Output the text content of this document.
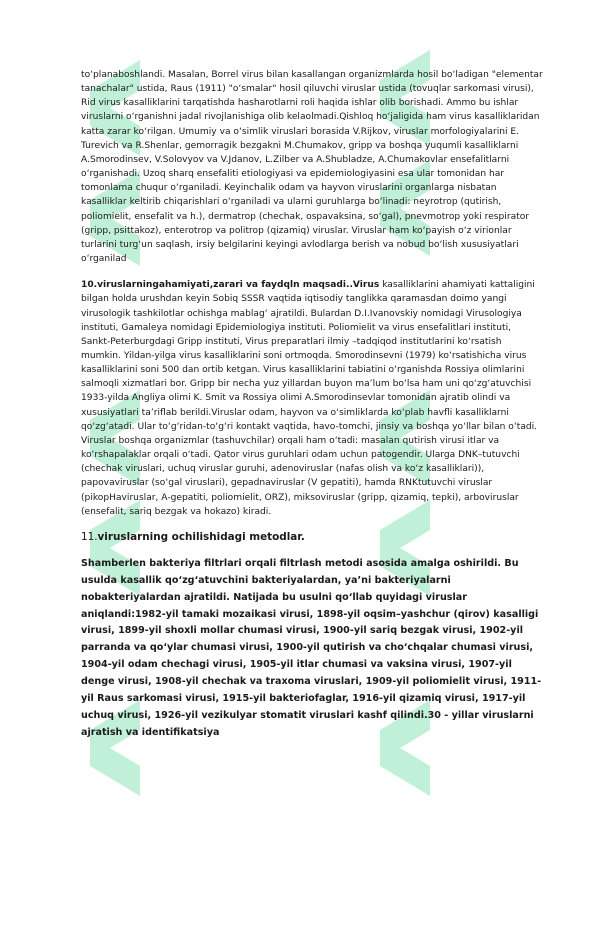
to‘planaboshlandi. Masalan, Borrel virus bilan kasallangan organizmlarda hosil bo‘ladigan "elementar tanachalar" ustida, Raus (1911) "o‘smalar" hosil qiluvchi viruslar ustida (tovuqlar sarkomasi virusi), Rid virus kasalliklarini tarqatishda hasharotlarni roli haqida ishlar olib borishadi. Ammo bu ishlar viruslarni o‘rganishni jadal rivojlanishiga olib kelaolmadi.Qishloq ho‘jaligida ham virus kasalliklaridan katta zarar ko‘rilgan. Umumiy va o‘simlik viruslari borasida V.Rijkov, viruslar morfologiyalarini E. Turevich va R.Shenlar, gemorragik bezgakni M.Chumakov, gripp va boshqa yuqumli kasalliklarni A.Smorodinsev, V.Solovyov va V.Jdanov, L.Zilber va A.Shubladze, A.Chumakovlar ensefalitlarni o‘rganishadi. Uzoq sharq ensefaliti etiologiyasi va epidemiologiyasini esa ular tomonidan har tomonlama chuqur o‘rganiladi. Keyinchalik odam va hayvon viruslarini organlarga nisbatan kasalliklar keltirib chiqarishlari o‘rganiladi va ularni guruhlarga bo‘linadi: neyrotrop (qutirish, poliomielit, ensefalit va h.), dermatrop (chechak, ospavaksina, so‘gal), pnevmotrop yoki respirator (gripp, psittakoz), enterotrop va politrop (qizamiq) viruslar. Viruslar ham ko‘payish o‘z virionlar turlarini turg‘un saqlash, irsiy belgilarini keyingi avlodlarga berish va nobud bo‘lish xususiyatlari o‘rganilad

10.viruslarningahamiyati,zarari va faydqln maqsadi..Virus kasalliklarini ahamiyati kattaligini bilgan holda urushdan keyin Sobiq SSSR vaqtida iqtisodiy tanglikka qaramasdan doimo yangi virusologik tashkilotlar ochishga mablag‘ ajratildi. Bulardan D.I.Ivanovskiy nomidagi Virusologiya instituti, Gamaleya nomidagi Epidemiologiya instituti. Poliomielit va virus ensefalitlari instituti, Sankt-Peterburgdagi Gripp instituti, Virus preparatlari ilmiy –tadqiqod institutlarini ko‘rsatish mumkin. Yildan-yilga virus kasalliklarini soni ortmoqda. Smorodinsevni (1979) ko‘rsatishicha virus kasalliklarini soni 500 dan ortib ketgan. Virus kasalliklarini tabiatini o‘rganishda Rossiya olimlarini salmoqli xizmatlari bor. Gripp bir necha yuz yillardan buyon ma’lum bo‘lsa ham uni qo‘zg‘atuvchisi 1933-yilda Angliya olimi K. Smit va Rossiya olimi A.Smorodinsevlar tomonidan ajratib olindi va xususiyatlari ta’riflab berildi.Viruslar odam, hayvon va o‘simliklarda ko‘plab havfli kasalliklarni qo‘zg‘atadi. Ular to‘g‘ridan-to‘g‘ri kontakt vaqtida, havo-tomchi, jinsiy va boshqa yo‘llar bilan o‘tadi. Viruslar boshqa organizmlar (tashuvchilar) orqali ham o‘tadi: masalan qutirish virusi itlar va ko‘rshapalaklar orqali o‘tadi. Qator virus guruhlari odam uchun patogendir. Ularga DNK–tutuvchi (chechak viruslari, uchuq viruslar guruhi, adenoviruslar (nafas olish va ko‘z kasalliklari)), papovaviruslar (so‘gal viruslari), gepadnaviruslar (V gepatiti), hamda RNKtutuvchi viruslar (pikopHaviruslar, A-gepatiti, poliomielit, ORZ), miksoviruslar (gripp, qizamiq, tepki), arboviruslar (ensefalit, sariq bezgak va hokazo) kiradi.

11.viruslarning ochilishidagi metodlar.

Shamberlen bakteriya filtrlari orqali filtrlash metodi asosida amalga oshirildi. Bu usulda kasallik qo‘zg‘atuvchini bakteriyalardan, ya’ni bakteriyalarni nobakteriyalardan ajratildi. Natijada bu usulni qo‘llab quyidagi viruslar aniqlandi:1982-yil tamaki mozaikasi virusi, 1898-yil oqsim–yashchur (qirov) kasalligi virusi, 1899-yil shoxli mollar chumasi virusi, 1900-yil sariq bezgak virusi, 1902-yil parranda va qo‘ylar chumasi virusi, 1900-yil qutirish va cho‘chqalar chumasi virusi, 1904-yil odam chechagi virusi, 1905-yil itlar chumasi va vaksina virusi, 1907-yil denge virusi, 1908-yil chechak va traxoma viruslari, 1909-yil poliomielit virusi, 1911-yil Raus sarkomasi virusi, 1915-yil bakteriofaglar, 1916-yil qizamiq virusi, 1917-yil uchuq virusi, 1926-yil vezikulyar stomatit viruslari kashf qilindi.30 - yillar viruslarni ajratish va identifikatsiya
